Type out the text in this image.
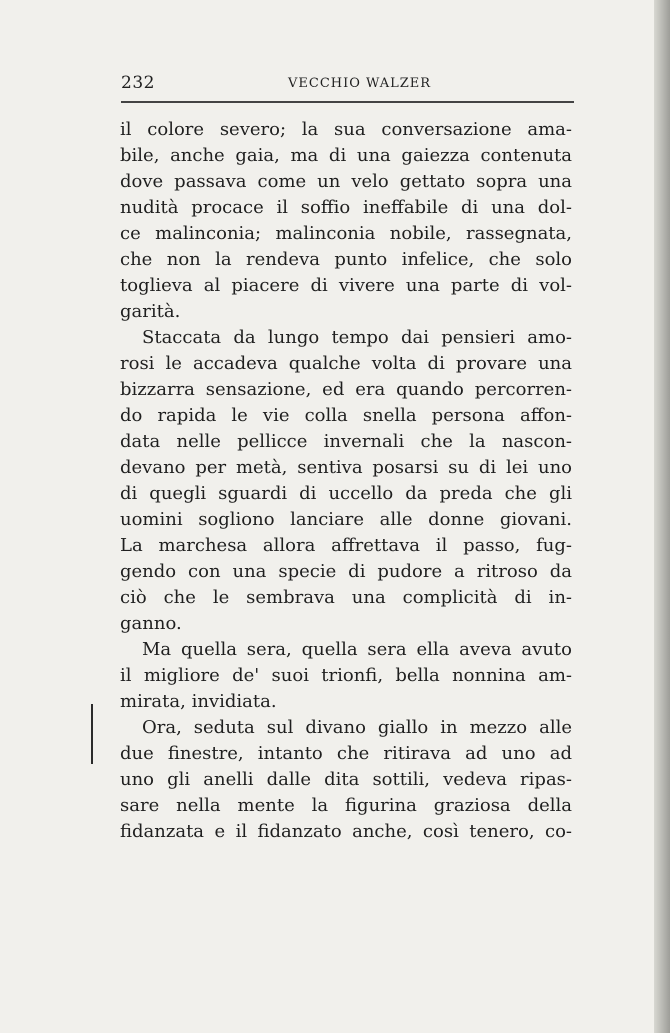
232	VECCHIO WALZER
il colore severo; la sua conversazione ama-
bile, anche gaia, ma di una gaiezza contenuta
dove passava come un velo gettato sopra una
nudità procace il soffio ineffabile di una dol-
ce malinconia; malinconia nobile, rassegnata,
che non la rendeva punto infelice, che solo
toglieva al piacere di vivere una parte di vol-
garità.
Staccata da lungo tempo dai pensieri amo-
rosi le accadeva qualche volta di provare una
bizzarra sensazione, ed era quando percorren-
do rapida le vie colla snella persona affon-
data nelle pellicce invernali che la nascon-
devano per metà, sentiva posarsi su di lei uno
di quegli sguardi di uccello da preda che gli
uomini sogliono lanciare alle donne giovani.
La marchesa allora affrettava il passo, fug-
gendo con una specie di pudore a ritroso da
ciò che le sembrava una complicità di in-
ganno.
Ma quella sera, quella sera ella aveva avuto
il migliore de' suoi trionfi, bella nonnina am-
mirata, invidiata.
Ora, seduta sul divano giallo in mezzo alle
due finestre, intanto che ritirava ad uno ad
uno gli anelli dalle dita sottili, vedeva ripas-
sare nella mente la figurina graziosa della
fidanzata e il fidanzato anche, così tenero, co-
